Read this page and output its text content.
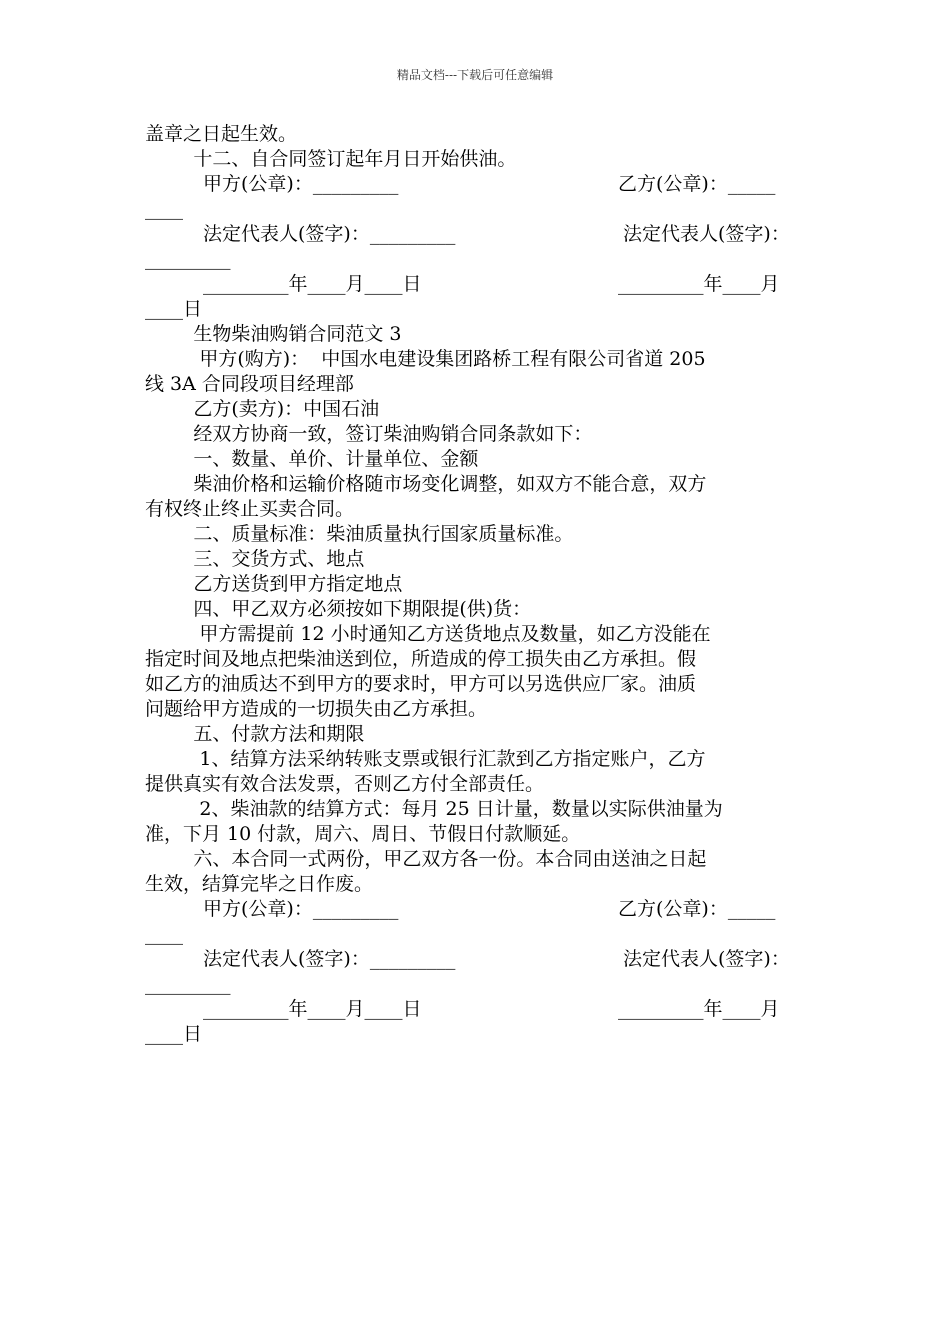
精品文档---下载后可任意编辑
盖章之日起生效。
十二、自合同签订起年月日开始供油。
甲方(公章)：_________	乙方(公章)：_____
____
法定代表人(签字)：_________	法定代表人(签字)：
_________
_________年____月____日	_________年____月
____日
生物柴油购销合同范文 3
甲方(购方)：  中国水电建设集团路桥工程有限公司省道 205
线 3A 合同段项目经理部
乙方(卖方)：中国石油
经双方协商一致，签订柴油购销合同条款如下：
一、数量、单价、计量单位、金额
柴油价格和运输价格随市场变化调整，如双方不能合意，双方
有权终止终止买卖合同。
二、质量标准：柴油质量执行国家质量标准。
三、交货方式、地点
乙方送货到甲方指定地点
四、甲乙双方必须按如下期限提(供)货：
甲方需提前 12 小时通知乙方送货地点及数量，如乙方没能在
指定时间及地点把柴油送到位，所造成的停工损失由乙方承担。假
如乙方的油质达不到甲方的要求时，甲方可以另选供应厂家。油质
问题给甲方造成的一切损失由乙方承担。
五、付款方法和期限
1、结算方法采纳转账支票或银行汇款到乙方指定账户，乙方
提供真实有效合法发票，否则乙方付全部责任。
2、柴油款的结算方式：每月 25 日计量，数量以实际供油量为
准，下月 10 付款，周六、周日、节假日付款顺延。
六、本合同一式两份，甲乙双方各一份。本合同由送油之日起
生效，结算完毕之日作废。
甲方(公章)：_________	乙方(公章)：_____
____
法定代表人(签字)：_________	法定代表人(签字)：
_________
_________年____月____日	_________年____月
____日
